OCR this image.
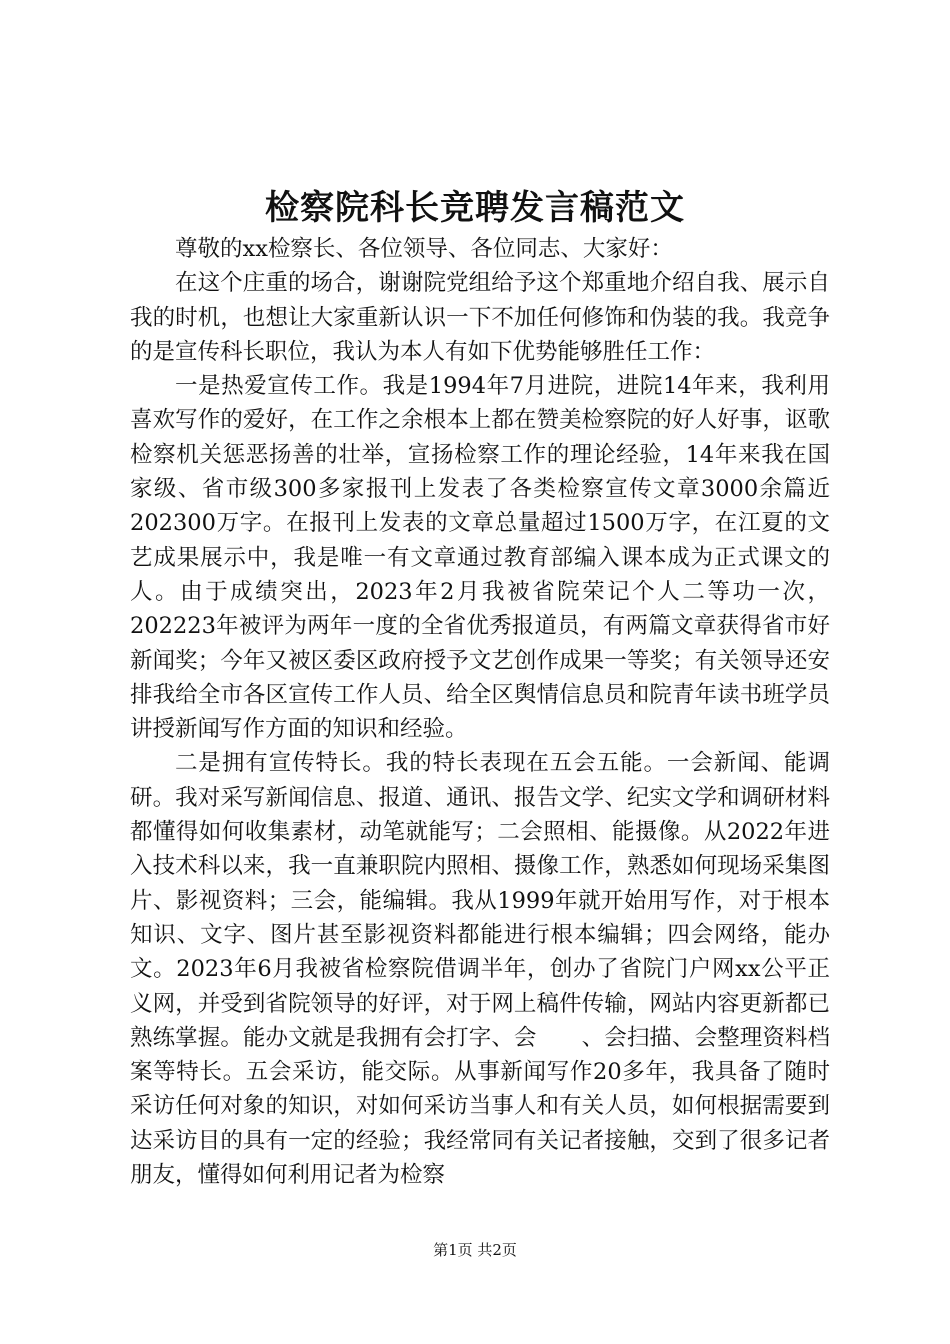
检察院科长竞聘发言稿范文

尊敬的xx检察长、各位领导、各位同志、大家好：

在这个庄重的场合，谢谢院党组给予这个郑重地介绍自我、展示自我的时机，也想让大家重新认识一下不加任何修饰和伪装的我。我竞争的是宣传科长职位，我认为本人有如下优势能够胜任工作：

一是热爱宣传工作。我是1994年7月进院，进院14年来，我利用喜欢写作的爱好，在工作之余根本上都在赞美检察院的好人好事，讴歌检察机关惩恶扬善的壮举，宣扬检察工作的理论经验，14年来我在国家级、省市级300多家报刊上发表了各类检察宣传文章3000余篇近202300万字。在报刊上发表的文章总量超过1500万字，在江夏的文艺成果展示中，我是唯一有文章通过教育部编入课本成为正式课文的人。由于成绩突出，2023年2月我被省院荣记个人二等功一次，202223年被评为两年一度的全省优秀报道员，有两篇文章获得省市好新闻奖；今年又被区委区政府授予文艺创作成果一等奖；有关领导还安排我给全市各区宣传工作人员、给全区舆情信息员和院青年读书班学员讲授新闻写作方面的知识和经验。

二是拥有宣传特长。我的特长表现在五会五能。一会新闻、能调研。我对采写新闻信息、报道、通讯、报告文学、纪实文学和调研材料都懂得如何收集素材，动笔就能写；二会照相、能摄像。从2022年进入技术科以来，我一直兼职院内照相、摄像工作，熟悉如何现场采集图片、影视资料；三会，能编辑。我从1999年就开始用写作，对于根本知识、文字、图片甚至影视资料都能进行根本编辑；四会网络，能办文。2023年6月我被省检察院借调半年，创办了省院门户网xx公平正义网，并受到省院领导的好评，对于网上稿件传输，网站内容更新都已熟练掌握。能办文就是我拥有会打字、会　　、会扫描、会整理资料档案等特长。五会采访，能交际。从事新闻写作20多年，我具备了随时采访任何对象的知识，对如何采访当事人和有关人员，如何根据需要到达采访目的具有一定的经验；我经常同有关记者接触，交到了很多记者朋友，懂得如何利用记者为检察

第1页 共2页
